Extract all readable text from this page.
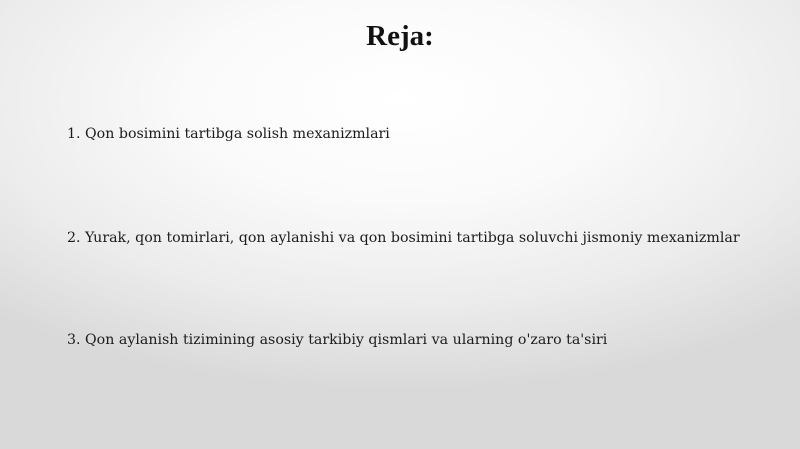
Reja:

1. Qon bosimini tartibga solish mexanizmlari

2. Yurak, qon tomirlari, qon aylanishi va qon bosimini tartibga soluvchi jismoniy mexanizmlar

3. Qon aylanish tizimining asosiy tarkibiy qismlari va ularning o'zaro ta'siri
